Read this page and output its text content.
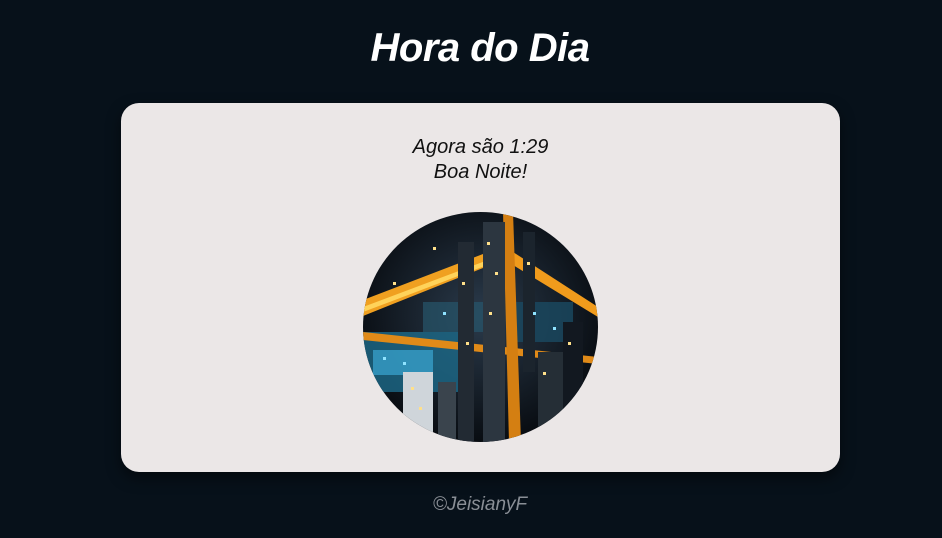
Hora do Dia
Agora são 1:29
Boa Noite!
©JeisianyF
